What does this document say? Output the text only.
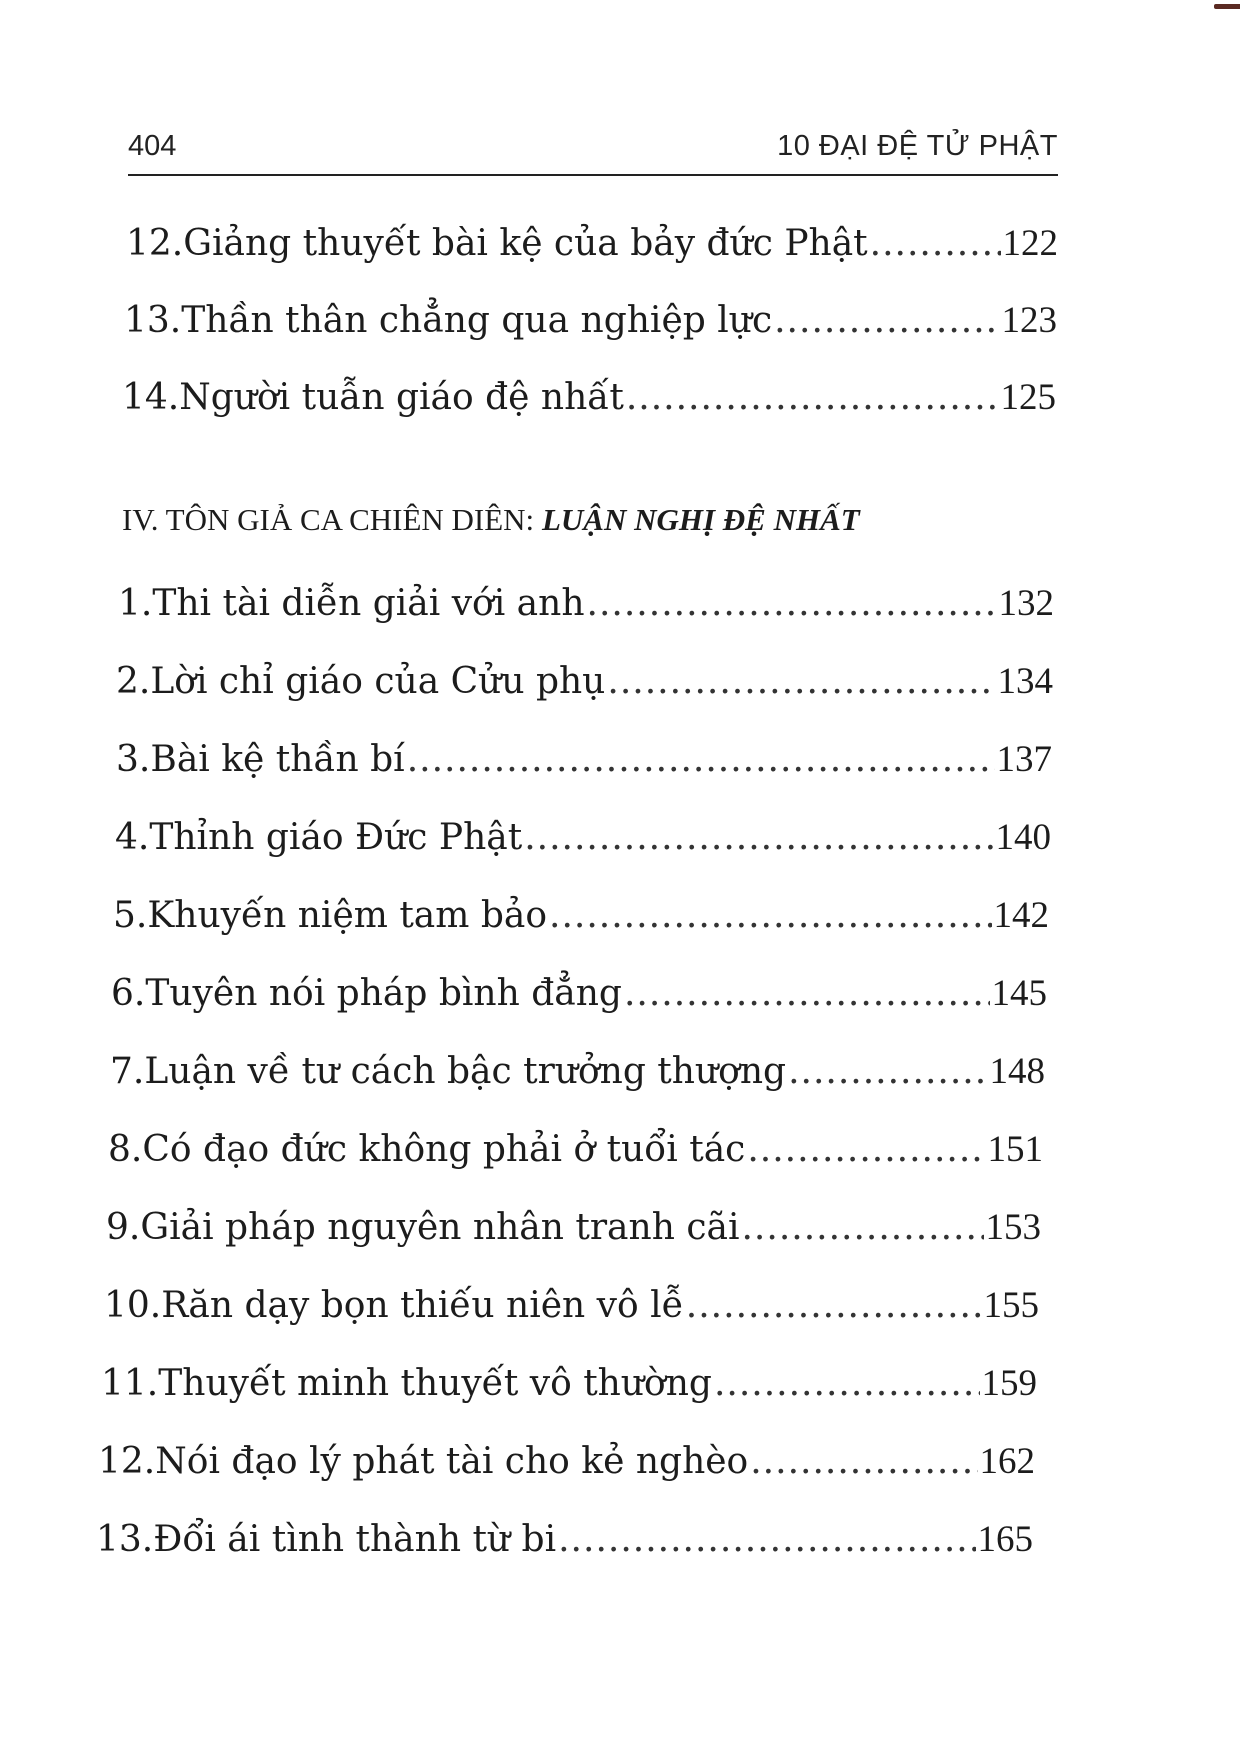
404	10 ĐẠI ĐỆ TỬ PHẬT
12. Giảng thuyết bài kệ của bảy đức Phật .....	122
13. Thần thân chẳng qua nghiệp lực .....	123
14. Người tuẫn giáo đệ nhất .....	125
IV. TÔN GIẢ CA CHIÊN DIÊN: LUẬN NGHỊ ĐỆ NHẤT
1. Thi tài diễn giải với anh .....	132
2. Lời chỉ giáo của Cửu phụ .....	134
3. Bài kệ thần bí .....	137
4. Thỉnh giáo Đức Phật .....	140
5. Khuyến niệm tam bảo .....	142
6. Tuyên nói pháp bình đẳng .....	145
7. Luận về tư cách bậc trưởng thượng .....	148
8. Có đạo đức không phải ở tuổi tác .....	151
9. Giải pháp nguyên nhân tranh cãi .....	153
10. Răn dạy bọn thiếu niên vô lễ .....	155
11. Thuyết minh thuyết vô thường .....	159
12. Nói đạo lý phát tài cho kẻ nghèo .....	162
13. Đổi ái tình thành từ bi .....	165
